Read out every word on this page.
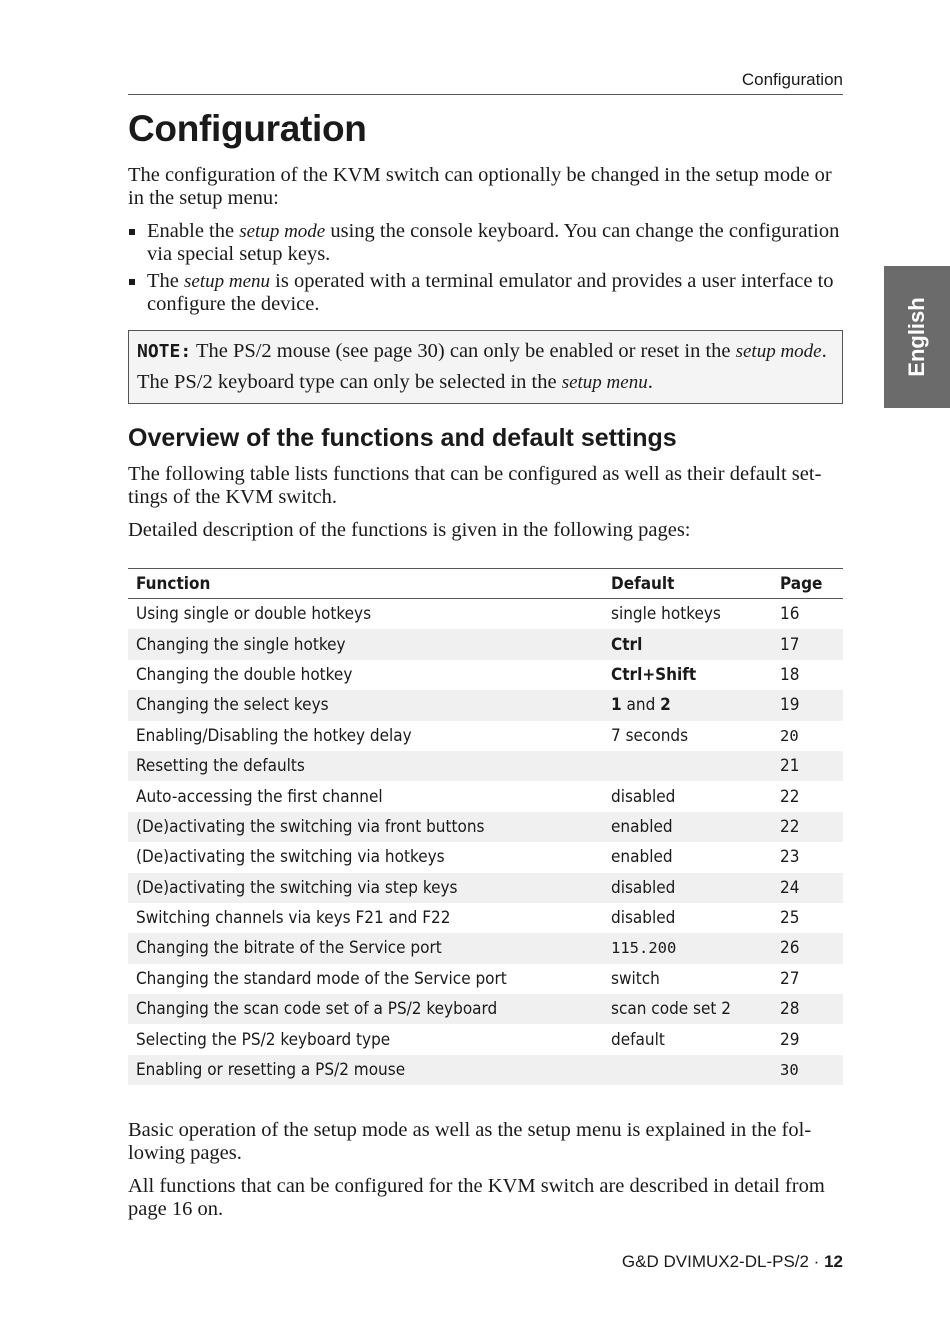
Configuration
English
Configuration

The configuration of the KVM switch can optionally be changed in the setup mode or in the setup menu:

Enable the setup mode using the console keyboard. You can change the configuration via special setup keys.
The setup menu is operated with a terminal emulator and provides a user interface to configure the device.
NOTE: The PS/2 mouse (see page 30) can only be enabled or reset in the setup mode.
The PS/2 keyboard type can only be selected in the setup menu.
Overview of the functions and default settings

The following table lists functions that can be configured as well as their default settings of the KVM switch.

Detailed description of the functions is given in the following pages:

Function	Default	Page
Using single or double hotkeys	single hotkeys	16
Changing the single hotkey	Ctrl	17
Changing the double hotkey	Ctrl+Shift	18
Changing the select keys	1 and 2	19
Enabling/Disabling the hotkey delay	7 seconds	20
Resetting the defaults		21
Auto-accessing the first channel	disabled	22
(De)activating the switching via front buttons	enabled	22
(De)activating the switching via hotkeys	enabled	23
(De)activating the switching via step keys	disabled	24
Switching channels via keys F21 and F22	disabled	25
Changing the bitrate of the Service port	115.200	26
Changing the standard mode of the Service port	switch	27
Changing the scan code set of a PS/2 keyboard	scan code set 2	28
Selecting the PS/2 keyboard type	default	29
Enabling or resetting a PS/2 mouse		30

Basic operation of the setup mode as well as the setup menu is explained in the following pages.

All functions that can be configured for the KVM switch are described in detail from page 16 on.

G&D DVIMUX2-DL-PS/2 · 12
